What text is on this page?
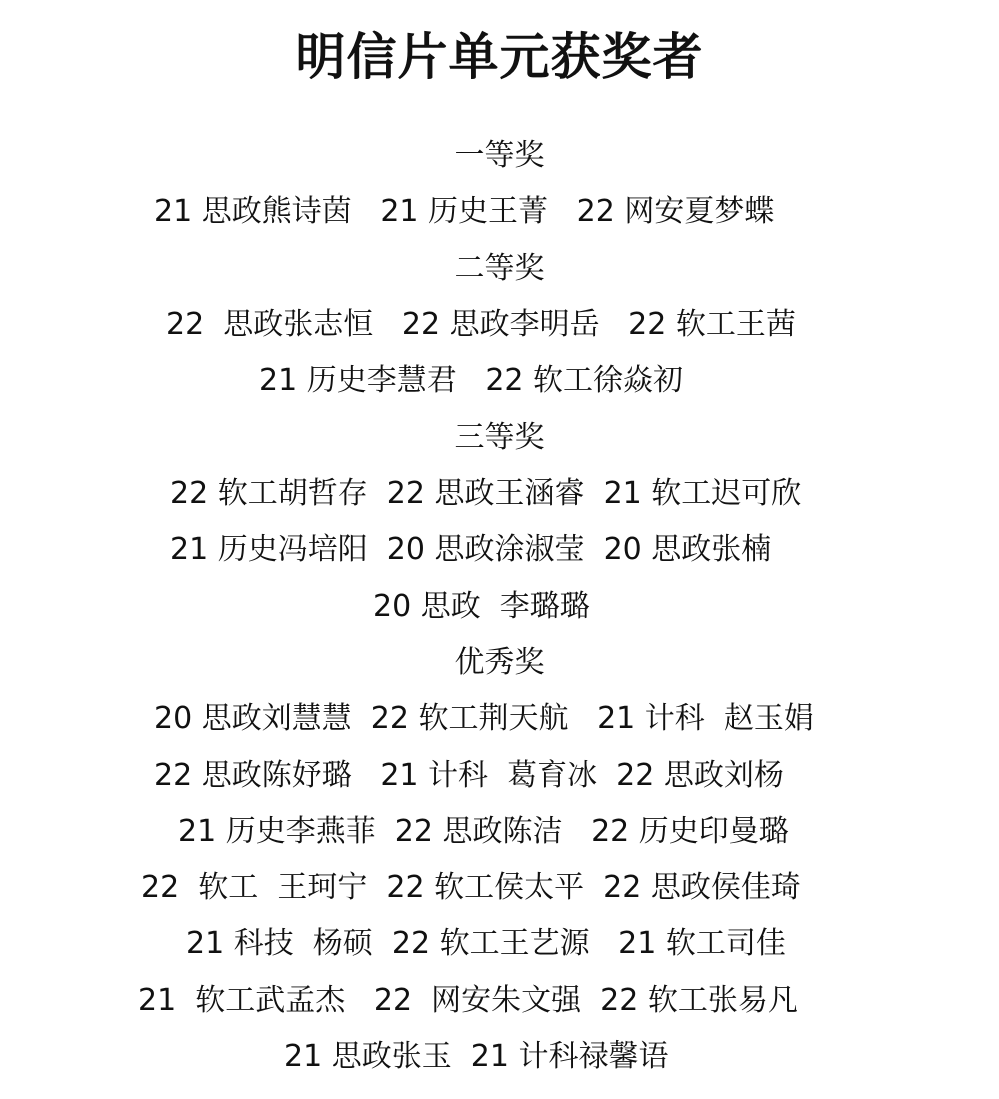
明信片单元获奖者
一等奖
21 思政熊诗茵   21 历史王菁   22 网安夏梦蝶
二等奖
22  思政张志恒   22 思政李明岳   22 软工王茜
21 历史李慧君   22 软工徐焱初
三等奖
22 软工胡哲存  22 思政王涵睿  21 软工迟可欣
21 历史冯培阳  20 思政涂淑莹  20 思政张楠
20 思政  李璐璐
优秀奖
20 思政刘慧慧  22 软工荆天航   21 计科  赵玉娟
22 思政陈妤璐   21 计科  葛育冰  22 思政刘杨
21 历史李燕菲  22 思政陈洁   22 历史印曼璐
22  软工  王珂宁  22 软工侯太平  22 思政侯佳琦
21 科技  杨硕  22 软工王艺源   21 软工司佳
21  软工武孟杰   22  网安朱文强  22 软工张易凡
21 思政张玉  21 计科禄馨语
